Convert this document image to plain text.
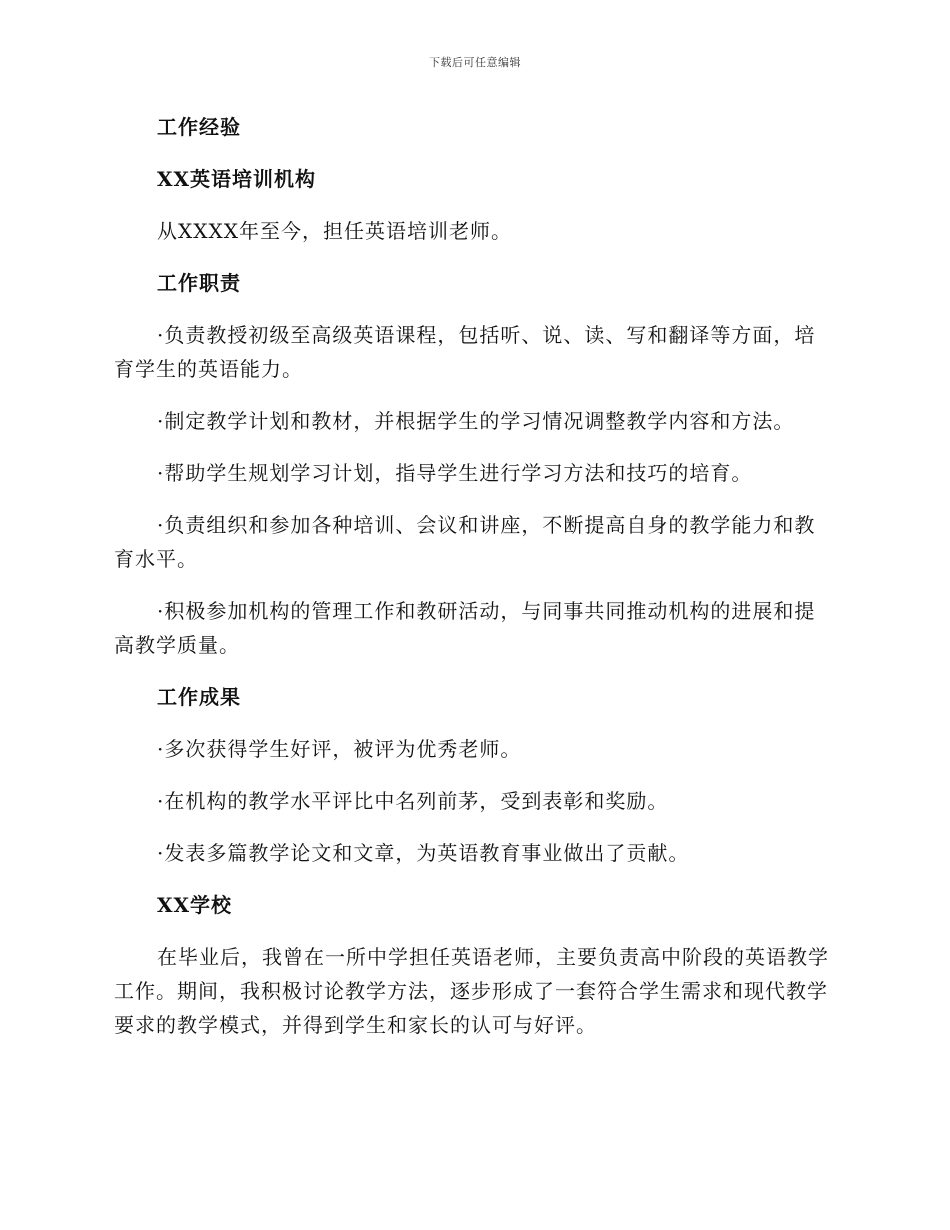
下载后可任意编辑

工作经验

XX英语培训机构

从XXXX年至今，担任英语培训老师。

工作职责

·负责教授初级至高级英语课程，包括听、说、读、写和翻译等方面，培育学生的英语能力。

·制定教学计划和教材，并根据学生的学习情况调整教学内容和方法。

·帮助学生规划学习计划，指导学生进行学习方法和技巧的培育。

·负责组织和参加各种培训、会议和讲座，不断提高自身的教学能力和教育水平。

·积极参加机构的管理工作和教研活动，与同事共同推动机构的进展和提高教学质量。

工作成果

·多次获得学生好评，被评为优秀老师。

·在机构的教学水平评比中名列前茅，受到表彰和奖励。

·发表多篇教学论文和文章，为英语教育事业做出了贡献。

XX学校

在毕业后，我曾在一所中学担任英语老师，主要负责高中阶段的英语教学工作。期间，我积极讨论教学方法，逐步形成了一套符合学生需求和现代教学要求的教学模式，并得到学生和家长的认可与好评。
